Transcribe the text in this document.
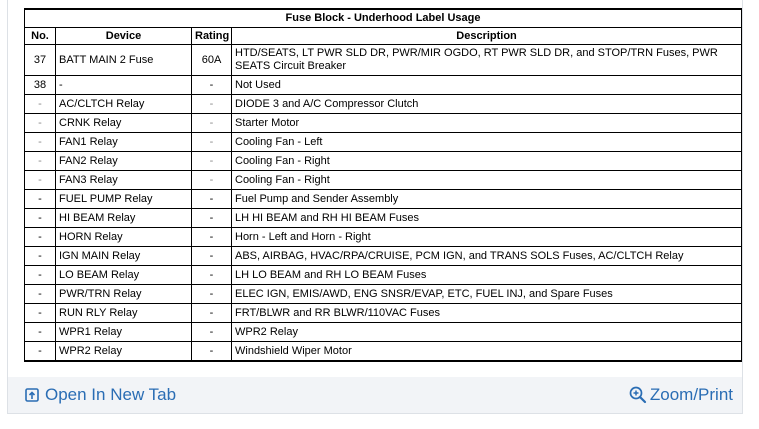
Fuse Block - Underhood Label Usage			
No.	Device	Rating	Description
37	BATT MAIN 2 Fuse	60A	HTD/SEATS, LT PWR SLD DR, PWR/MIR OGDO, RT PWR SLD DR, and STOP/TRN Fuses, PWR SEATS Circuit Breaker
38	-	-	Not Used
-	AC/CLTCH Relay	-	DIODE 3 and A/C Compressor Clutch
-	CRNK Relay	-	Starter Motor
-	FAN1 Relay	-	Cooling Fan - Left
-	FAN2 Relay	-	Cooling Fan - Right
-	FAN3 Relay	-	Cooling Fan - Right
-	FUEL PUMP Relay	-	Fuel Pump and Sender Assembly
-	HI BEAM Relay	-	LH HI BEAM and RH HI BEAM Fuses
-	HORN Relay	-	Horn - Left and Horn - Right
-	IGN MAIN Relay	-	ABS, AIRBAG, HVAC/RPA/CRUISE, PCM IGN, and TRANS SOLS Fuses, AC/CLTCH Relay
-	LO BEAM Relay	-	LH LO BEAM and RH LO BEAM Fuses
-	PWR/TRN Relay	-	ELEC IGN, EMIS/AWD, ENG SNSR/EVAP, ETC, FUEL INJ, and Spare Fuses
-	RUN RLY Relay	-	FRT/BLWR and RR BLWR/110VAC Fuses
-	WPR1 Relay	-	WPR2 Relay
-	WPR2 Relay	-	Windshield Wiper Motor
Open In New Tab	Zoom/Print
